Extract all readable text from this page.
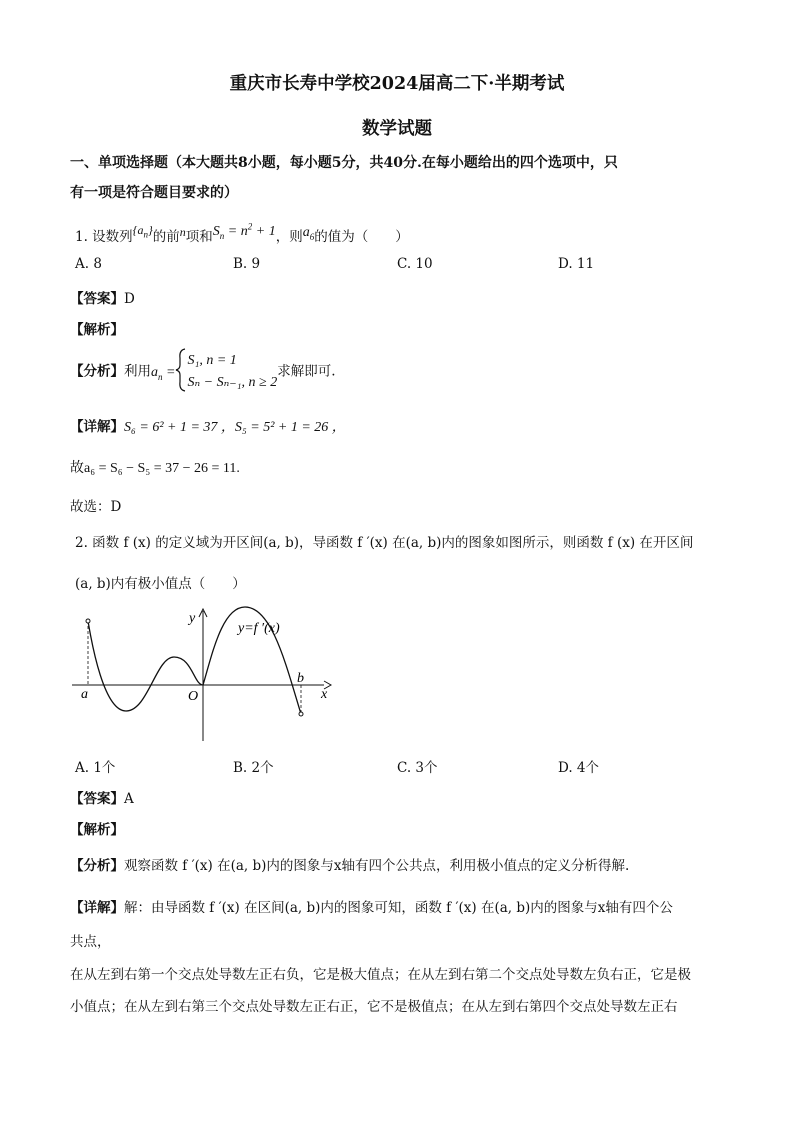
重庆市长寿中学校2024届高二下·半期考试
数学试题
一、单项选择题（本大题共8小题，每小题5分，共40分.在每小题给出的四个选项中，只
有一项是符合题目要求的）
1. 设数列$\{a_n\}$的前n项和$S_n = n^2 + 1$，则$a_6$的值为（　　）
A. 8	B. 9	C. 10	D. 11
【答案】D
【解析】
【分析】利用$a_n =S_1$, n = 1
Sₙ − Sₙ₋₁, n ≥ 2求解即可.
【详解】S₆ = 6² + 1 = 37 ，S₅ = 5² + 1 = 26 ，
故a₆ = S₆ − S₅ = 37 − 26 = 11.
故选：D
2. 函数 f (x) 的定义域为开区间(a, b)，导函数 f ′(x) 在(a, b)内的图象如图所示，则函数 f (x) 在开区间
(a, b)内有极小值点（　　）
y
x
O
a
b
y=f ′(x)
A. 1个	B. 2个	C. 3个	D. 4个
【答案】A
【解析】
【分析】观察函数 f ′(x) 在(a, b)内的图象与x轴有四个公共点，利用极小值点的定义分析得解.
【详解】解：由导函数 f ′(x) 在区间(a, b)内的图象可知，函数 f ′(x) 在(a, b)内的图象与x轴有四个公
共点，
在从左到右第一个交点处导数左正右负，它是极大值点；在从左到右第二个交点处导数左负右正，它是极
小值点；在从左到右第三个交点处导数左正右正，它不是极值点；在从左到右第四个交点处导数左正右
